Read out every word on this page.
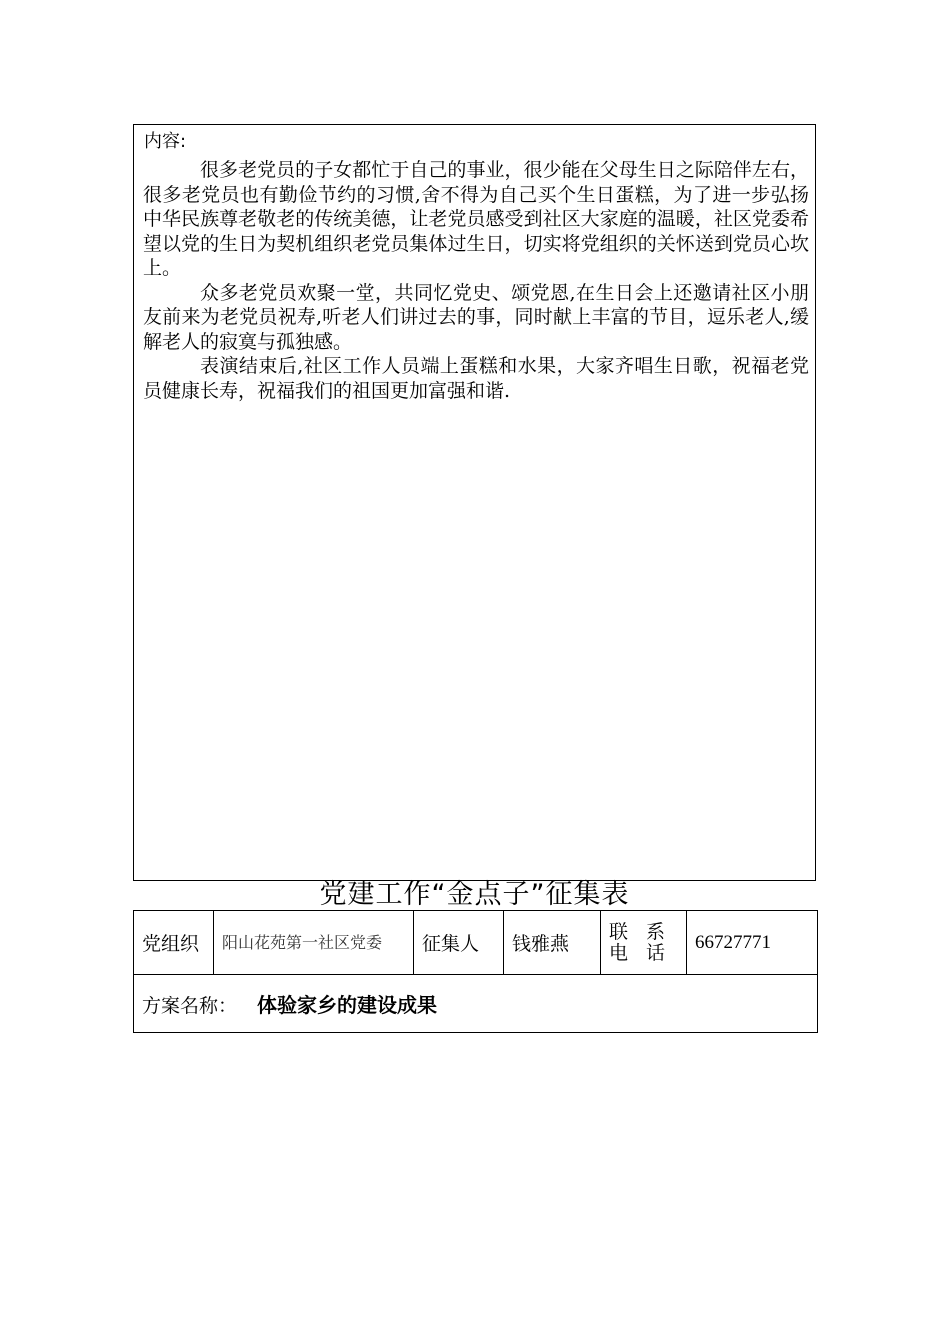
内容:

很多老党员的子女都忙于自己的事业，很少能在父母生日之际陪伴左右，很多老党员也有勤俭节约的习惯,舍不得为自己买个生日蛋糕，为了进一步弘扬中华民族尊老敬老的传统美德，让老党员感受到社区大家庭的温暖，社区党委希望以党的生日为契机组织老党员集体过生日，切实将党组织的关怀送到党员心坎上。

众多老党员欢聚一堂，共同忆党史、颂党恩,在生日会上还邀请社区小朋友前来为老党员祝寿,听老人们讲过去的事，同时献上丰富的节目，逗乐老人,缓解老人的寂寞与孤独感。

表演结束后,社区工作人员端上蛋糕和水果，大家齐唱生日歌，祝福老党员健康长寿，祝福我们的祖国更加富强和谐.

党建工作“金点子”征集表
党组织	阳山花苑第一社区党委	征集人	钱雅燕	
联 系
电 话	66727771
方案名称： 体验家乡的建设成果
